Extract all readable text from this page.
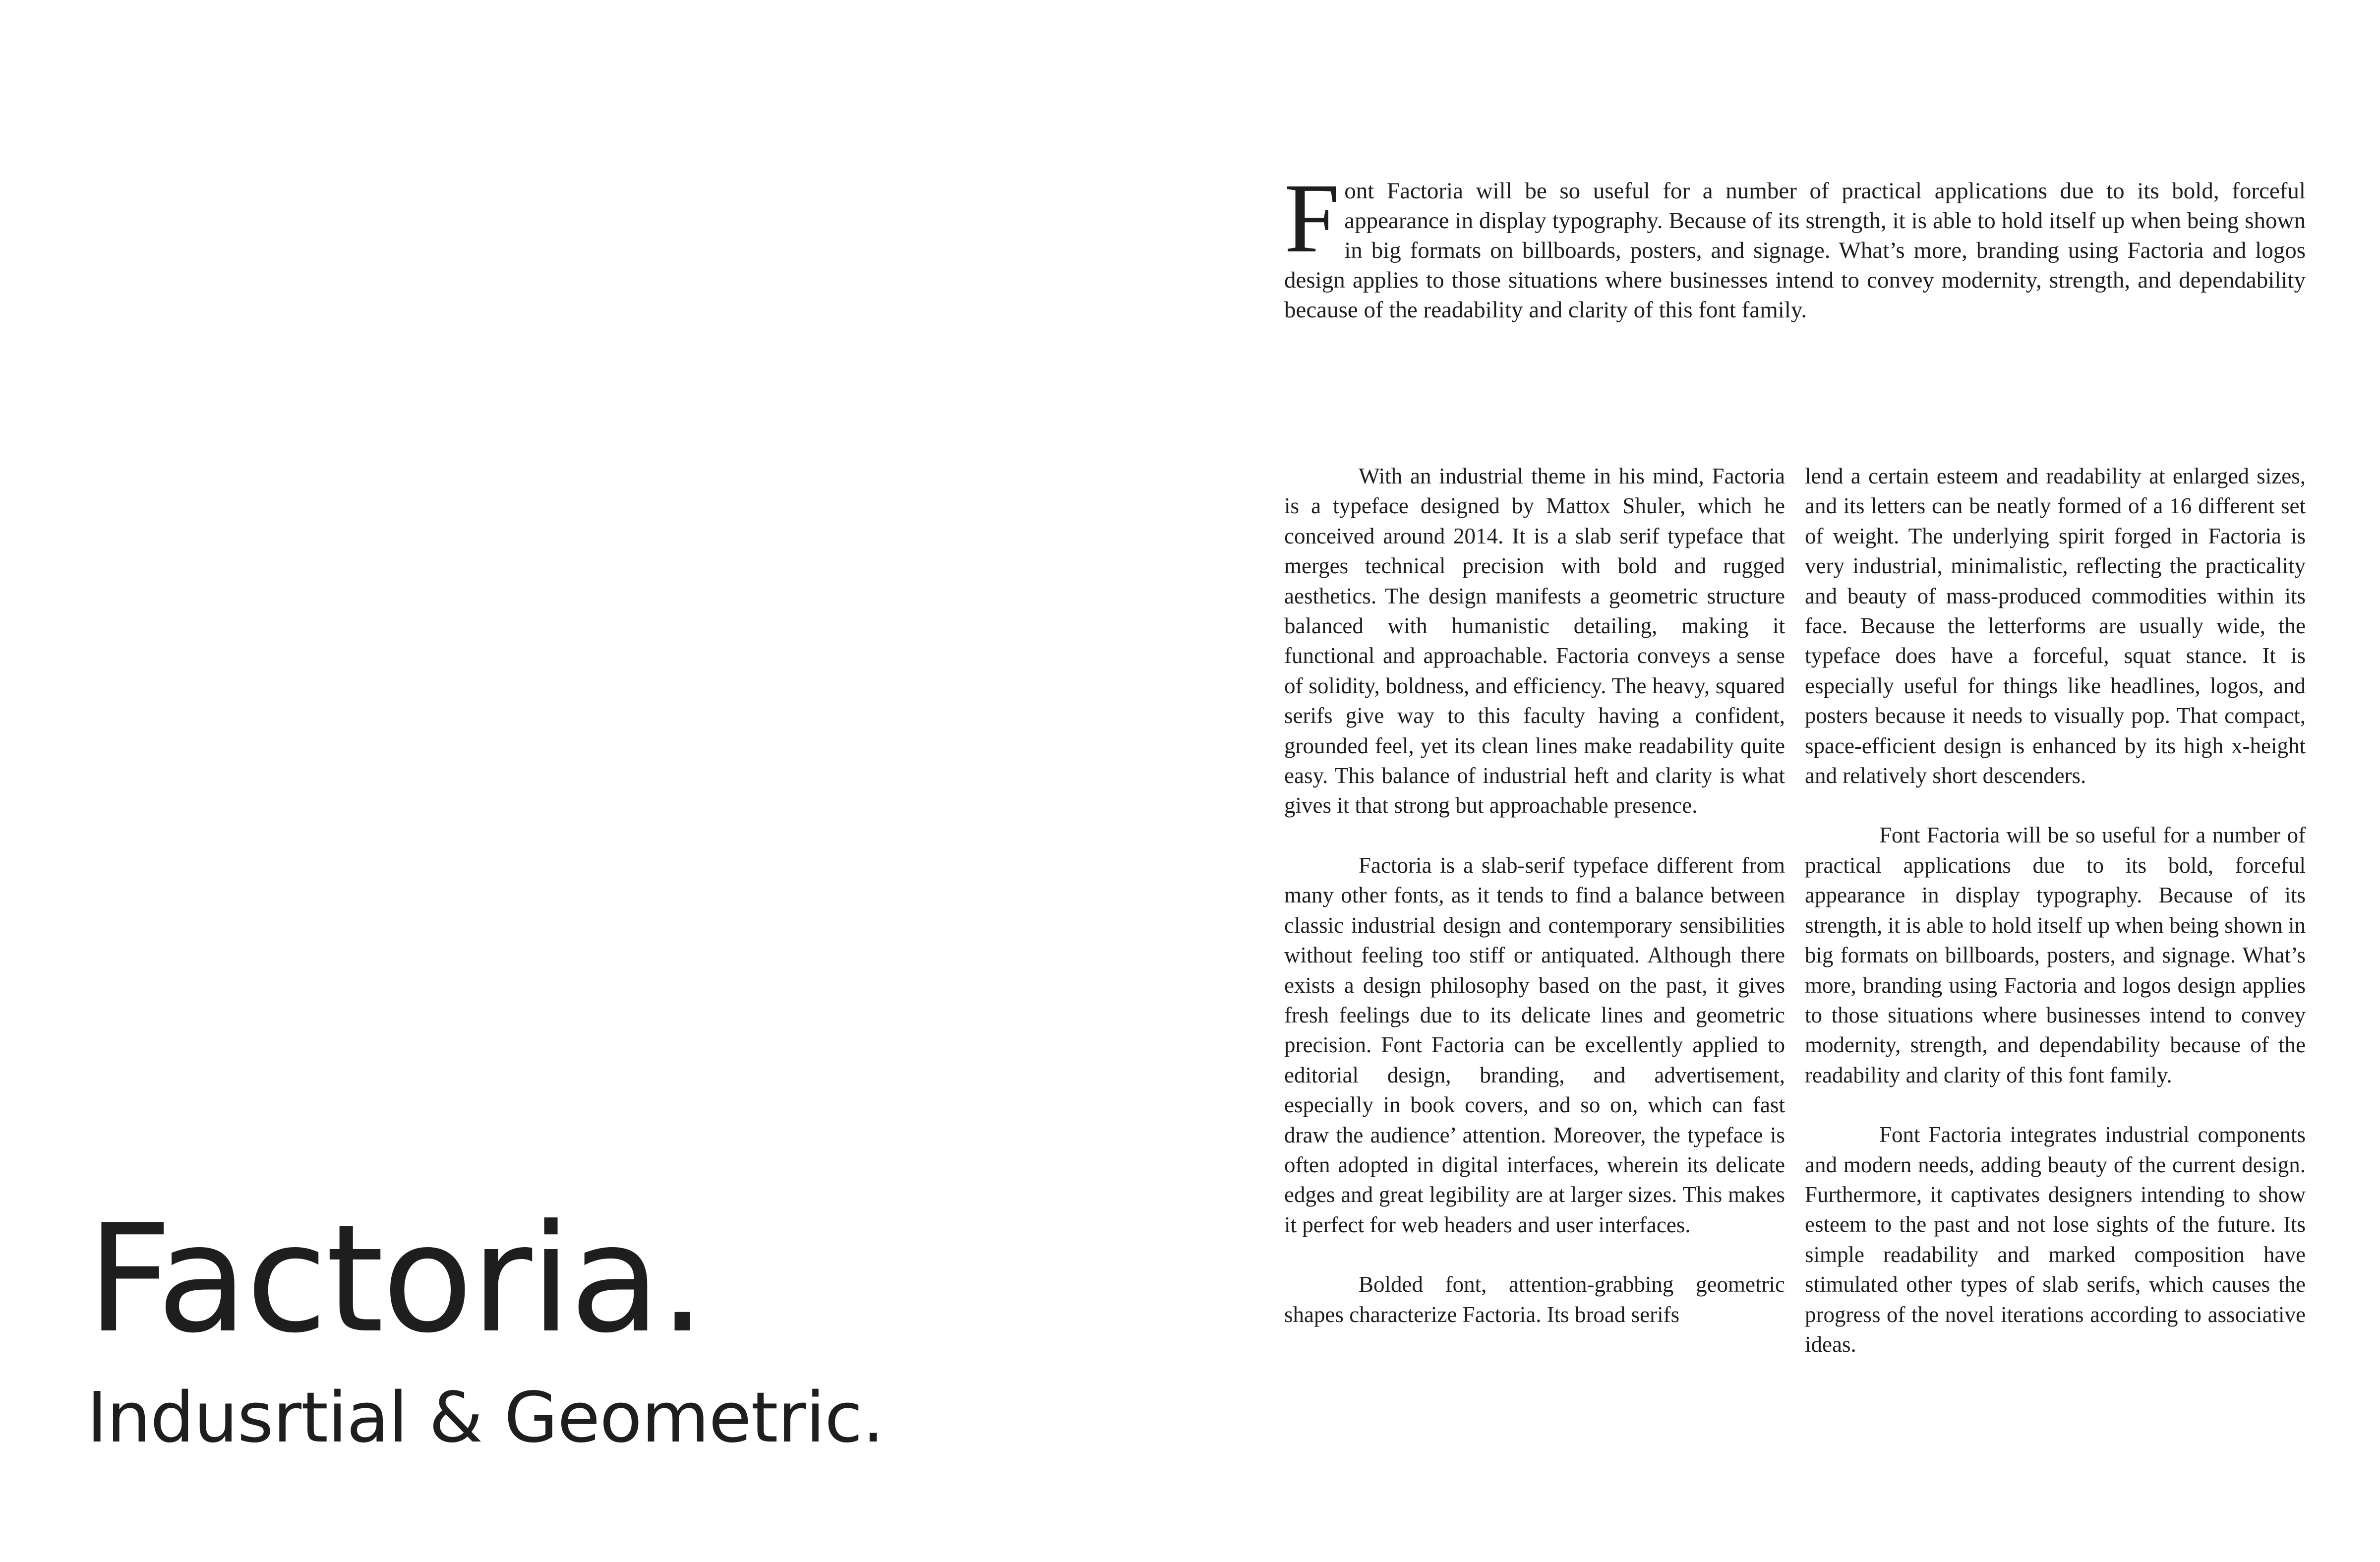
Factoria.
Indusrtial & Geometric.

Font Factoria will be so useful for a number of practical applications due to its bold, forceful appearance in display typography. Because of its strength, it is able to hold itself up when being shown in big formats on billboards, posters, and signage. What’s more, branding using Factoria and logos design applies to those situations where businesses intend to convey modernity, strength, and dependability because of the readability and clarity of this font family.

With an industrial theme in his mind, Factoria is a typeface designed by Mattox Shuler, which he conceived around 2014. It is a slab serif typeface that merges technical precision with bold and rugged aesthetics. The design manifests a geometric structure balanced with humanistic detailing, making it functional and approachable. Factoria conveys a sense of solidity, boldness, and efficiency. The heavy, squared serifs give way to this faculty having a confident, grounded feel, yet its clean lines make readability quite easy. This balance of industrial heft and clarity is what gives it that strong but approachable presence.

Factoria is a slab-serif typeface different from many other fonts, as it tends to find a balance between classic industrial design and contemporary sensibilities without feeling too stiff or antiquated. Although there exists a design philosophy based on the past, it gives fresh feelings due to its delicate lines and geometric precision. Font Factoria can be excellently applied to editorial design, branding, and advertisement, especially in book covers, and so on, which can fast draw the audience’ attention. Moreover, the typeface is often adopted in digital interfaces, wherein its delicate edges and great legibility are at larger sizes. This makes it perfect for web headers and user interfaces.

Bolded font, attention-grabbing geometric shapes characterize Factoria. Its broad serifs

lend a certain esteem and readability at enlarged sizes, and its letters can be neatly formed of a 16 different set of weight. The underlying spirit forged in Factoria is very industrial, minimalistic, reflecting the practicality and beauty of mass-produced commodities within its face. Because the letterforms are usually wide, the typeface does have a forceful, squat stance. It is especially useful for things like headlines, logos, and posters because it needs to visually pop. That compact, space-efficient design is enhanced by its high x-height and relatively short descenders.

Font Factoria will be so useful for a number of practical applications due to its bold, forceful appearance in display typography. Because of its strength, it is able to hold itself up when being shown in big formats on billboards, posters, and signage. What’s more, branding using Factoria and logos design applies to those situations where businesses intend to convey modernity, strength, and dependability because of the readability and clarity of this font family.

Font Factoria integrates industrial components and modern needs, adding beauty of the current design. Furthermore, it captivates designers intending to show esteem to the past and not lose sights of the future. Its simple readability and marked composition have stimulated other types of slab serifs, which causes the progress of the novel iterations according to associative ideas.
